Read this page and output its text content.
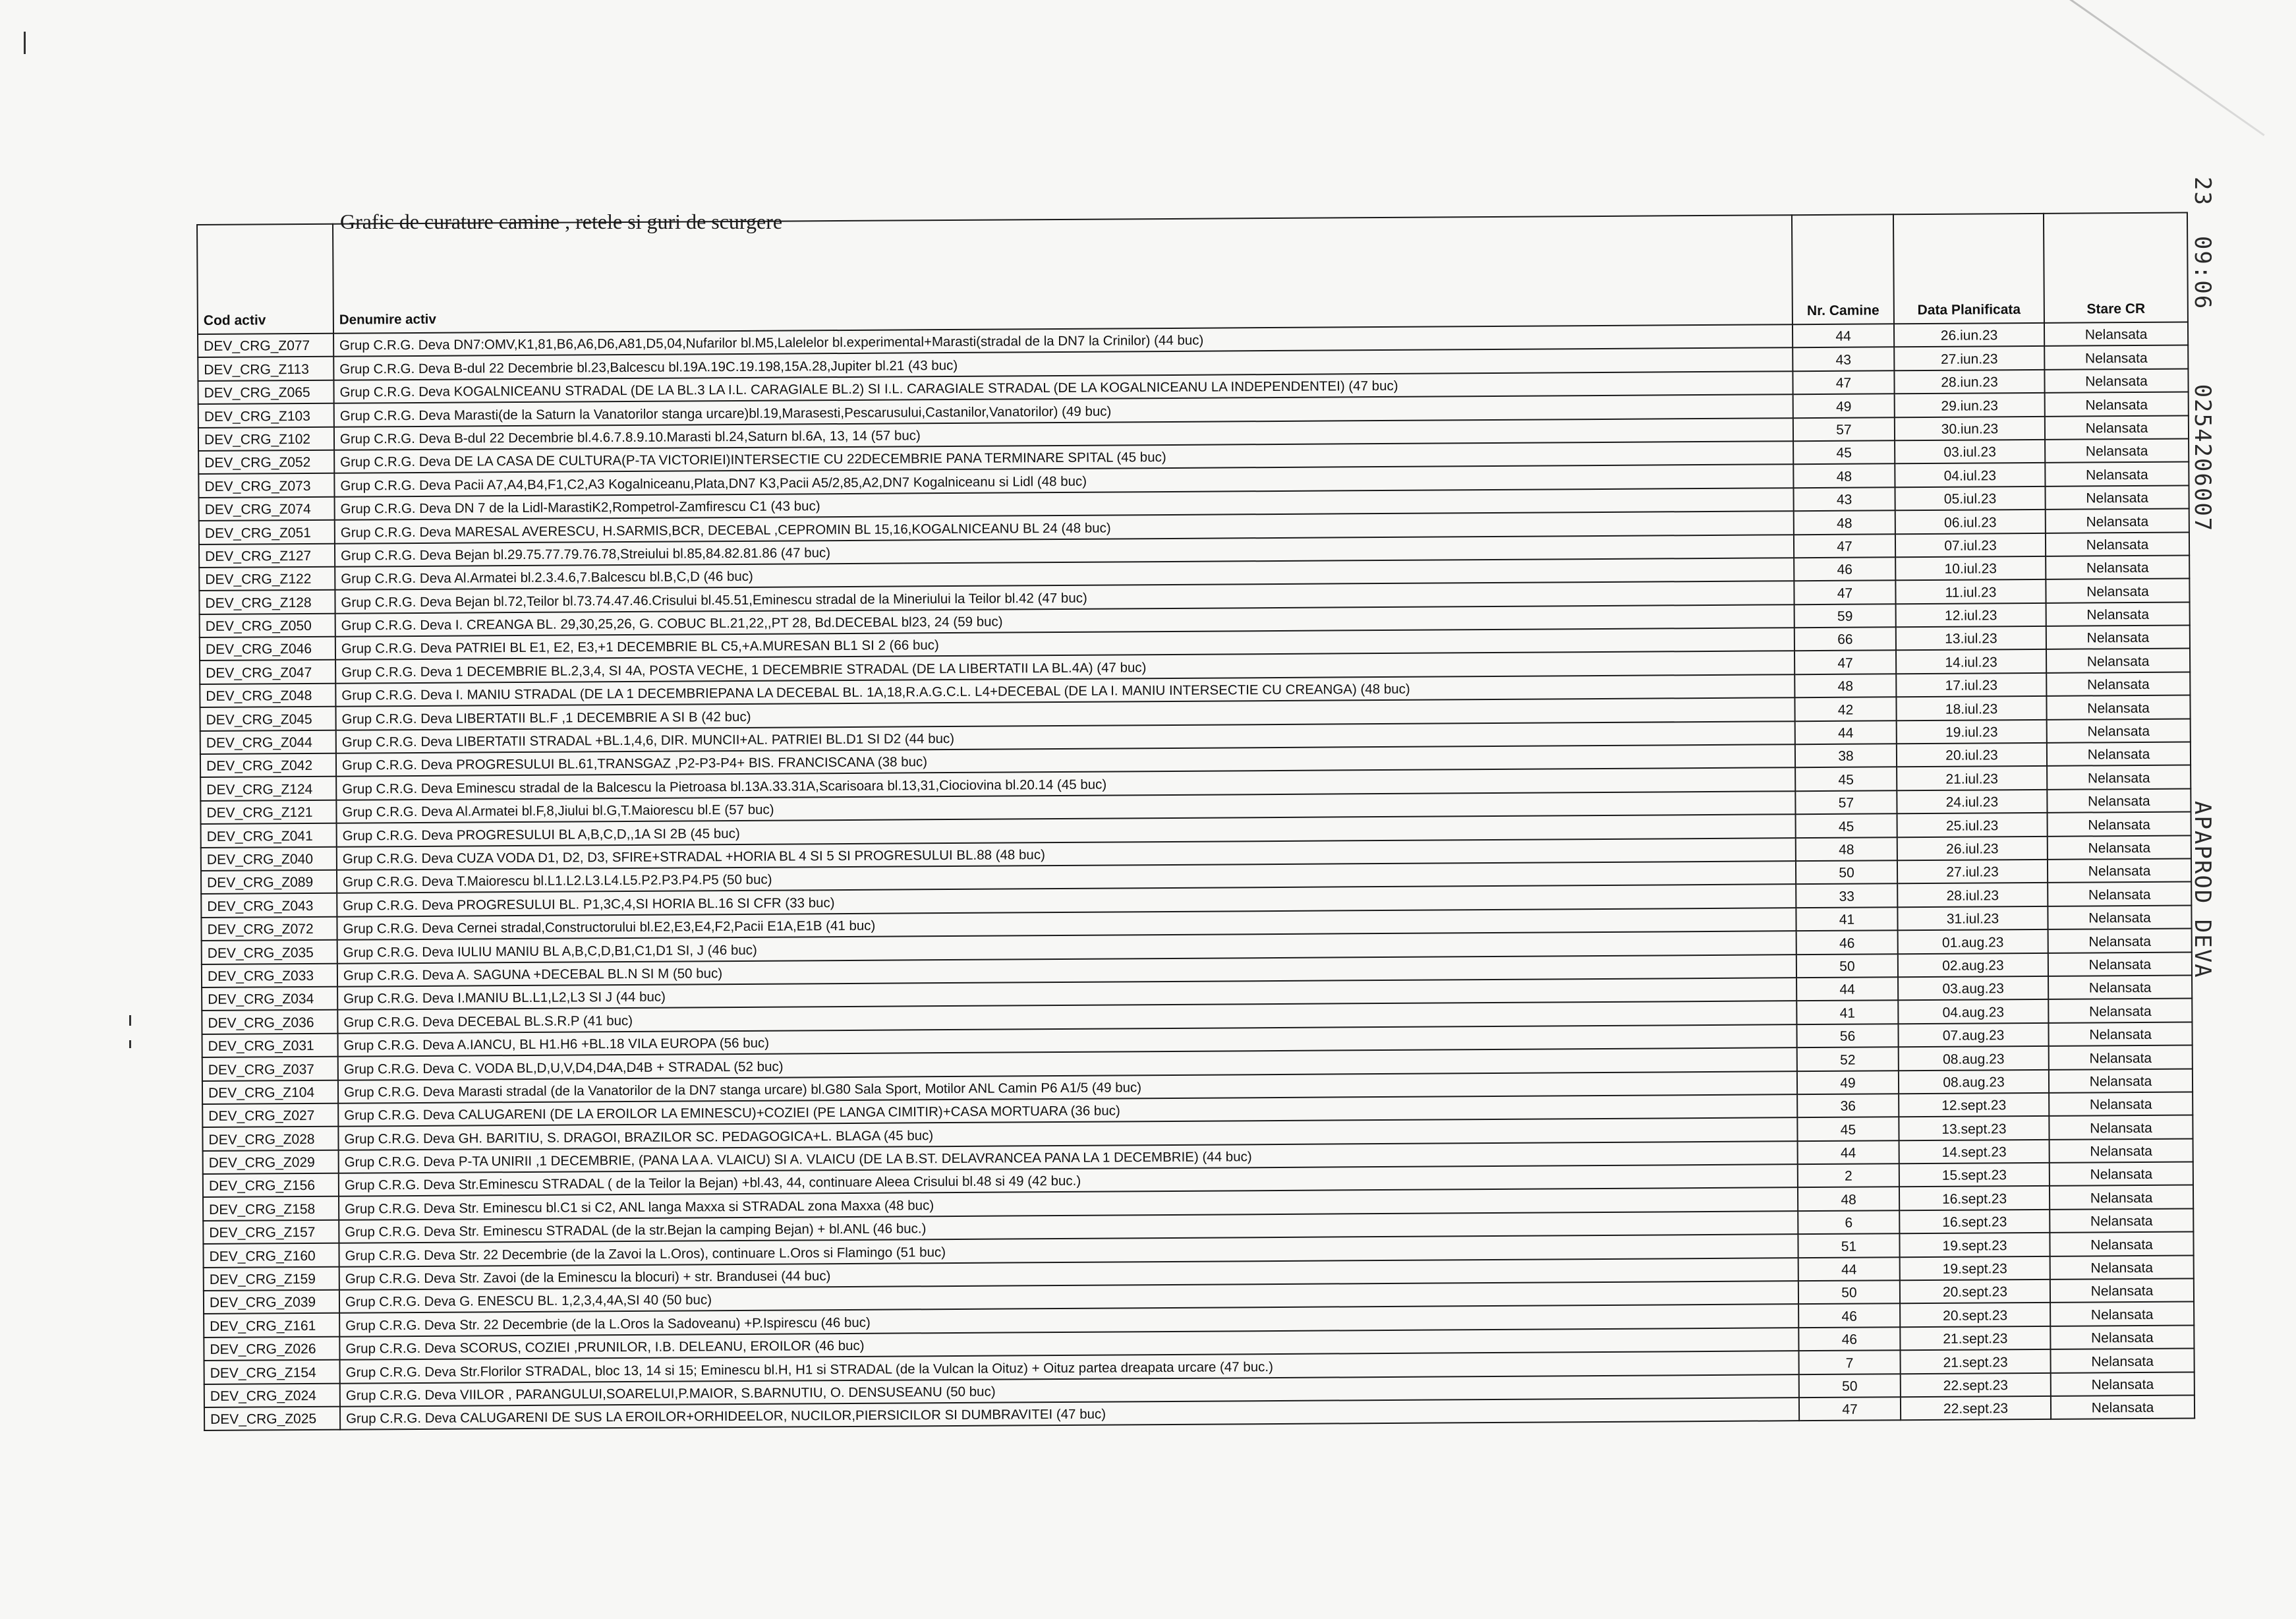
23  09:06     0254206007
APAPROD DEVA
Grafic de curature camine , retele si guri de scurgere
Cod activ	Denumire activ	Nr. Camine	Data Planificata	Stare CR
DEV_CRG_Z077	Grup C.R.G. Deva DN7:OMV,K1,81,B6,A6,D6,A81,D5,04,Nufarilor bl.M5,Lalelelor bl.experimental+Marasti(stradal de la DN7 la Crinilor) (44 buc)	44	26.iun.23	Nelansata
DEV_CRG_Z113	Grup C.R.G. Deva B-dul 22 Decembrie bl.23,Balcescu bl.19A.19C.19.198,15A.28,Jupiter bl.21 (43 buc)	43	27.iun.23	Nelansata
DEV_CRG_Z065	Grup C.R.G. Deva KOGALNICEANU STRADAL (DE LA BL.3 LA I.L. CARAGIALE BL.2) SI I.L. CARAGIALE STRADAL (DE LA KOGALNICEANU LA INDEPENDENTEI) (47 buc)	47	28.iun.23	Nelansata
DEV_CRG_Z103	Grup C.R.G. Deva Marasti(de la Saturn la Vanatorilor stanga urcare)bl.19,Marasesti,Pescarusului,Castanilor,Vanatorilor) (49 buc)	49	29.iun.23	Nelansata
DEV_CRG_Z102	Grup C.R.G. Deva B-dul 22 Decembrie bl.4.6.7.8.9.10.Marasti bl.24,Saturn bl.6A, 13, 14 (57 buc)	57	30.iun.23	Nelansata
DEV_CRG_Z052	Grup C.R.G. Deva DE LA CASA DE CULTURA(P-TA VICTORIEI)INTERSECTIE CU 22DECEMBRIE PANA TERMINARE SPITAL (45 buc)	45	03.iul.23	Nelansata
DEV_CRG_Z073	Grup C.R.G. Deva Pacii A7,A4,B4,F1,C2,A3 Kogalniceanu,Plata,DN7 K3,Pacii A5/2,85,A2,DN7 Kogalniceanu si Lidl (48 buc)	48	04.iul.23	Nelansata
DEV_CRG_Z074	Grup C.R.G. Deva DN 7 de la Lidl-MarastiK2,Rompetrol-Zamfirescu C1 (43 buc)	43	05.iul.23	Nelansata
DEV_CRG_Z051	Grup C.R.G. Deva MARESAL AVERESCU, H.SARMIS,BCR, DECEBAL ,CEPROMIN BL 15,16,KOGALNICEANU BL 24 (48 buc)	48	06.iul.23	Nelansata
DEV_CRG_Z127	Grup C.R.G. Deva Bejan bl.29.75.77.79.76.78,Streiului bl.85,84.82.81.86 (47 buc)	47	07.iul.23	Nelansata
DEV_CRG_Z122	Grup C.R.G. Deva Al.Armatei bl.2.3.4.6,7.Balcescu bl.B,C,D (46 buc)	46	10.iul.23	Nelansata
DEV_CRG_Z128	Grup C.R.G. Deva Bejan bl.72,Teilor bl.73.74.47.46.Crisului bl.45.51,Eminescu stradal de la Mineriului la Teilor bl.42 (47 buc)	47	11.iul.23	Nelansata
DEV_CRG_Z050	Grup C.R.G. Deva I. CREANGA BL. 29,30,25,26, G. COBUC BL.21,22,,PT 28, Bd.DECEBAL bl23, 24 (59 buc)	59	12.iul.23	Nelansata
DEV_CRG_Z046	Grup C.R.G. Deva PATRIEI BL E1, E2, E3,+1 DECEMBRIE BL C5,+A.MURESAN BL1 SI 2 (66 buc)	66	13.iul.23	Nelansata
DEV_CRG_Z047	Grup C.R.G. Deva 1 DECEMBRIE BL.2,3,4, SI 4A, POSTA VECHE, 1 DECEMBRIE STRADAL (DE LA LIBERTATII LA BL.4A) (47 buc)	47	14.iul.23	Nelansata
DEV_CRG_Z048	Grup C.R.G. Deva I. MANIU STRADAL (DE LA 1 DECEMBRIEPANA LA DECEBAL BL. 1A,18,R.A.G.C.L. L4+DECEBAL (DE LA I. MANIU INTERSECTIE CU CREANGA) (48 buc)	48	17.iul.23	Nelansata
DEV_CRG_Z045	Grup C.R.G. Deva LIBERTATII BL.F ,1 DECEMBRIE A SI B (42 buc)	42	18.iul.23	Nelansata
DEV_CRG_Z044	Grup C.R.G. Deva LIBERTATII STRADAL +BL.1,4,6, DIR. MUNCII+AL. PATRIEI BL.D1 SI D2 (44 buc)	44	19.iul.23	Nelansata
DEV_CRG_Z042	Grup C.R.G. Deva PROGRESULUI BL.61,TRANSGAZ ,P2-P3-P4+ BIS. FRANCISCANA (38 buc)	38	20.iul.23	Nelansata
DEV_CRG_Z124	Grup C.R.G. Deva Eminescu stradal de la Balcescu la Pietroasa bl.13A.33.31A,Scarisoara bl.13,31,Ciociovina bl.20.14 (45 buc)	45	21.iul.23	Nelansata
DEV_CRG_Z121	Grup C.R.G. Deva Al.Armatei bl.F,8,Jiului bl.G,T.Maiorescu bl.E (57 buc)	57	24.iul.23	Nelansata
DEV_CRG_Z041	Grup C.R.G. Deva PROGRESULUI BL A,B,C,D,,1A SI 2B (45 buc)	45	25.iul.23	Nelansata
DEV_CRG_Z040	Grup C.R.G. Deva CUZA VODA D1, D2, D3, SFIRE+STRADAL +HORIA BL 4 SI 5 SI PROGRESULUI BL.88 (48 buc)	48	26.iul.23	Nelansata
DEV_CRG_Z089	Grup C.R.G. Deva T.Maiorescu bl.L1.L2.L3.L4.L5.P2.P3.P4.P5 (50 buc)	50	27.iul.23	Nelansata
DEV_CRG_Z043	Grup C.R.G. Deva PROGRESULUI BL. P1,3C,4,SI HORIA BL.16 SI CFR (33 buc)	33	28.iul.23	Nelansata
DEV_CRG_Z072	Grup C.R.G. Deva Cernei stradal,Constructorului bl.E2,E3,E4,F2,Pacii E1A,E1B (41 buc)	41	31.iul.23	Nelansata
DEV_CRG_Z035	Grup C.R.G. Deva IULIU MANIU BL A,B,C,D,B1,C1,D1 SI, J (46 buc)	46	01.aug.23	Nelansata
DEV_CRG_Z033	Grup C.R.G. Deva A. SAGUNA +DECEBAL BL.N SI M (50 buc)	50	02.aug.23	Nelansata
DEV_CRG_Z034	Grup C.R.G. Deva I.MANIU BL.L1,L2,L3 SI J (44 buc)	44	03.aug.23	Nelansata
DEV_CRG_Z036	Grup C.R.G. Deva DECEBAL BL.S.R.P (41 buc)	41	04.aug.23	Nelansata
DEV_CRG_Z031	Grup C.R.G. Deva A.IANCU, BL H1.H6 +BL.18 VILA EUROPA (56 buc)	56	07.aug.23	Nelansata
DEV_CRG_Z037	Grup C.R.G. Deva C. VODA BL,D,U,V,D4,D4A,D4B + STRADAL (52 buc)	52	08.aug.23	Nelansata
DEV_CRG_Z104	Grup C.R.G. Deva Marasti stradal (de la Vanatorilor de la DN7 stanga urcare) bl.G80 Sala Sport, Motilor ANL Camin P6 A1/5 (49 buc)	49	08.aug.23	Nelansata
DEV_CRG_Z027	Grup C.R.G. Deva CALUGARENI (DE LA EROILOR LA EMINESCU)+COZIEI (PE LANGA CIMITIR)+CASA MORTUARA (36 buc)	36	12.sept.23	Nelansata
DEV_CRG_Z028	Grup C.R.G. Deva GH. BARITIU, S. DRAGOI, BRAZILOR SC. PEDAGOGICA+L. BLAGA (45 buc)	45	13.sept.23	Nelansata
DEV_CRG_Z029	Grup C.R.G. Deva P-TA UNIRII ,1 DECEMBRIE, (PANA LA A. VLAICU) SI A. VLAICU (DE LA B.ST. DELAVRANCEA PANA LA 1 DECEMBRIE) (44 buc)	44	14.sept.23	Nelansata
DEV_CRG_Z156	Grup C.R.G. Deva Str.Eminescu STRADAL ( de la Teilor la Bejan) +bl.43, 44, continuare Aleea Crisului bl.48 si 49 (42 buc.)	2	15.sept.23	Nelansata
DEV_CRG_Z158	Grup C.R.G. Deva Str. Eminescu bl.C1 si C2, ANL langa Maxxa si STRADAL zona Maxxa (48 buc)	48	16.sept.23	Nelansata
DEV_CRG_Z157	Grup C.R.G. Deva Str. Eminescu STRADAL (de la str.Bejan la camping Bejan) + bl.ANL (46 buc.)	6	16.sept.23	Nelansata
DEV_CRG_Z160	Grup C.R.G. Deva Str. 22 Decembrie (de la Zavoi la L.Oros), continuare L.Oros si Flamingo (51 buc)	51	19.sept.23	Nelansata
DEV_CRG_Z159	Grup C.R.G. Deva Str. Zavoi (de la Eminescu la blocuri) + str. Brandusei (44 buc)	44	19.sept.23	Nelansata
DEV_CRG_Z039	Grup C.R.G. Deva G. ENESCU BL. 1,2,3,4,4A,SI 40 (50 buc)	50	20.sept.23	Nelansata
DEV_CRG_Z161	Grup C.R.G. Deva Str. 22 Decembrie (de la L.Oros la Sadoveanu) +P.Ispirescu (46 buc)	46	20.sept.23	Nelansata
DEV_CRG_Z026	Grup C.R.G. Deva SCORUS, COZIEI ,PRUNILOR, I.B. DELEANU, EROILOR (46 buc)	46	21.sept.23	Nelansata
DEV_CRG_Z154	Grup C.R.G. Deva Str.Florilor STRADAL, bloc 13, 14 si 15; Eminescu bl.H, H1 si STRADAL (de la Vulcan la Oituz) + Oituz partea dreapata urcare (47 buc.)	7	21.sept.23	Nelansata
DEV_CRG_Z024	Grup C.R.G. Deva VIILOR , PARANGULUI,SOARELUI,P.MAIOR, S.BARNUTIU, O. DENSUSEANU (50 buc)	50	22.sept.23	Nelansata
DEV_CRG_Z025	Grup C.R.G. Deva CALUGARENI DE SUS LA EROILOR+ORHIDEELOR, NUCILOR,PIERSICILOR SI DUMBRAVITEI (47 buc)	47	22.sept.23	Nelansata
